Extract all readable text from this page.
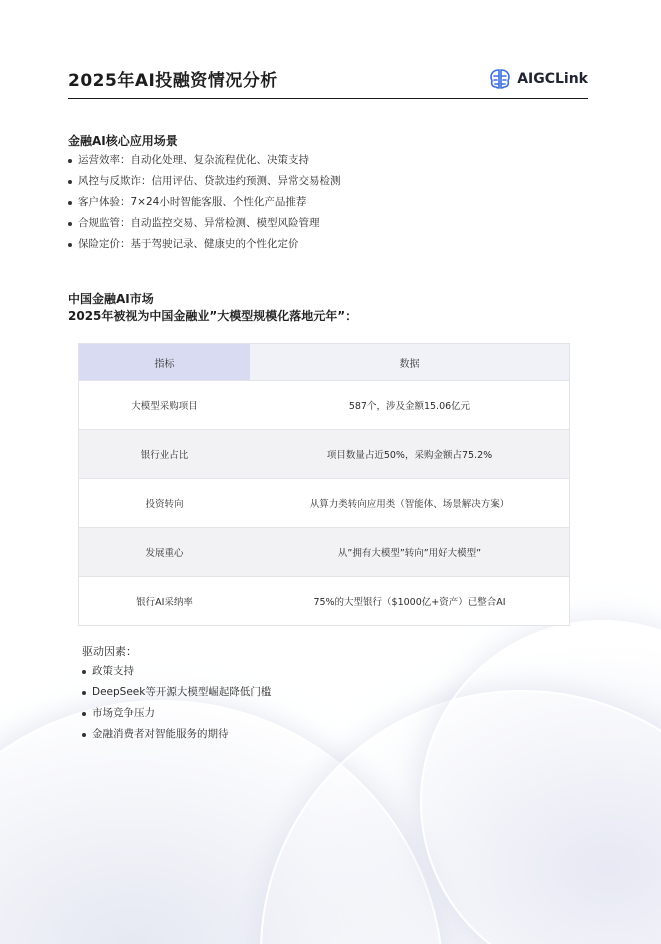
2025年AI投融资情况分析	AIGCLink
金融AI核心应用场景
运营效率：自动化处理、复杂流程优化、决策支持
风控与反欺诈：信用评估、贷款违约预测、异常交易检测
客户体验：7×24小时智能客服、个性化产品推荐
合规监管：自动监控交易、异常检测、模型风险管理
保险定价：基于驾驶记录、健康史的个性化定价
中国金融AI市场
2025年被视为中国金融业”大模型规模化落地元年”：
指标	数据
大模型采购项目	587个，涉及金额15.06亿元
银行业占比	项目数量占近50%，采购金额占75.2%
投资转向	从算力类转向应用类（智能体、场景解决方案）
发展重心	从”拥有大模型”转向”用好大模型”
银行AI采纳率	75%的大型银行（$1000亿+资产）已整合AI
驱动因素：
政策支持
DeepSeek等开源大模型崛起降低门槛
市场竞争压力
金融消费者对智能服务的期待
